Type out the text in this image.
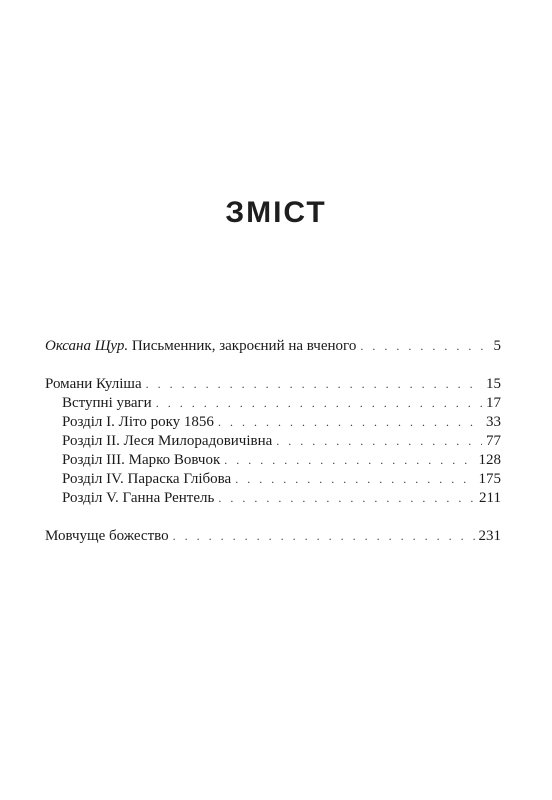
ЗМІСТ
Оксана Щур. Письменник, закроєний на вченого . . .	5
Романи Куліша . . .	15
Вступні уваги . . .	17
Розділ I. Літо року 1856 . . .	33
Розділ II. Леся Милорадовичівна . . .	77
Розділ III. Марко Вовчок . . .	128
Розділ IV. Параска Глібова . . .	175
Розділ V. Ганна Рентель . . .	211
Мовчуще божество . . .	231
